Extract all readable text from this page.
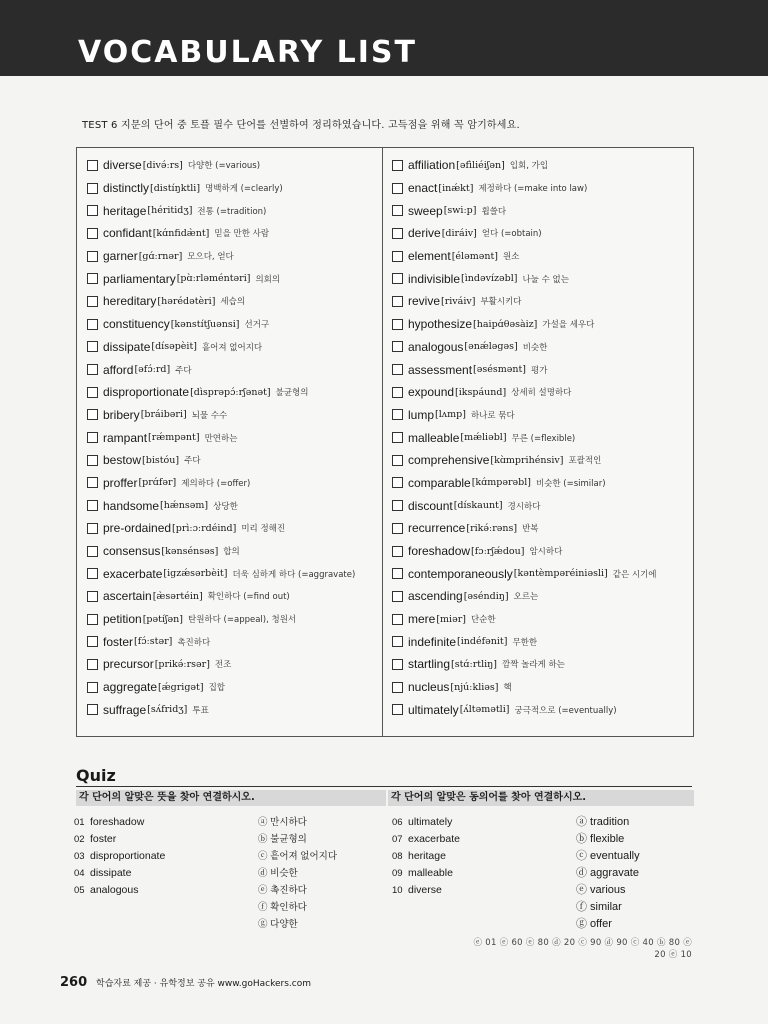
VOCABULARY LIST
TEST 6 지문의 단어 중 토플 필수 단어를 선별하여 정리하였습니다. 고득점을 위해 꼭 암기하세요.
diverse [divə́ːrs] 다양한 (=various)
distinctly [distíŋktli] 명백하게 (=clearly)
heritage [héritidʒ] 전통 (=tradition)
confidant [kɑ́nfidæ̀nt] 믿을 만한 사람
garner [gɑ́ːrnər] 모으다, 얻다
parliamentary [pɑ̀ːrləméntəri] 의회의
hereditary [hərédətèri] 세습의
constituency [kənstítʃuənsi] 선거구
dissipate [dísəpèit] 흩어져 없어지다
afford [əfɔ́ːrd] 주다
disproportionate [dìsprəpɔ́ːrʃənət] 불균형의
bribery [bráibəri] 뇌물 수수
rampant [rǽmpənt] 만연하는
bestow [bistóu] 주다
proffer [prɑ́fər] 제의하다 (=offer)
handsome [hǽnsəm] 상당한
pre-ordained [prìːɔːrdéind] 미리 정해진
consensus [kənsénsəs] 합의
exacerbate [igzǽsərbèit] 더욱 심하게 하다 (=aggravate)
ascertain [æ̀sərtéin] 확인하다 (=find out)
petition [pətíʃən] 탄원하다 (=appeal), 청원서
foster [fɔ́ːstər] 촉진하다
precursor [prikə́ːrsər] 전조
aggregate [ǽgrigət] 집합
suffrage [sʌ́fridʒ] 투표
affiliation [əfìliéiʃən] 입회, 가입
enact [inǽkt] 제정하다 (=make into law)
sweep [swiːp] 휩쓸다
derive [diráiv] 얻다 (=obtain)
element [éləmənt] 원소
indivisible [ìndəvízəbl] 나눌 수 없는
revive [riváiv] 부활시키다
hypothesize [haipɑ́θəsàiz] 가설을 세우다
analogous [ənǽləgəs] 비슷한
assessment [əsésmənt] 평가
expound [ikspáund] 상세히 설명하다
lump [lʌmp] 하나로 묶다
malleable [mǽliəbl] 무른 (=flexible)
comprehensive [kɑ̀mprihénsiv] 포괄적인
comparable [kɑ́mpərəbl] 비슷한 (=similar)
discount [dískaunt] 경시하다
recurrence [rikə́ːrəns] 반복
foreshadow [fɔːrʃǽdou] 암시하다
contemporaneously [kəntèmpəréiniəsli] 같은 시기에
ascending [əséndiŋ] 오르는
mere [miər] 단순한
indefinite [indéfənit] 무한한
startling [stɑ́ːrtliŋ] 깜짝 놀라게 하는
nucleus [njúːkliəs] 핵
ultimately [ʌ́ltəmətli] 궁극적으로 (=eventually)
Quiz
각 단어의 알맞은 뜻을 찾아 연결하시오.	각 단어의 알맞은 동의어를 찾아 연결하시오.
01 foreshadow
02 foster
03 disproportionate
04 dissipate
05 analogous
ⓐ 만시하다
ⓑ 불균형의
ⓒ 흩어져 없어지다
ⓓ 비슷한
ⓔ 촉진하다
ⓕ 확인하다
ⓖ 다양한
06 ultimately
07 exacerbate
08 heritage
09 malleable
10 diverse
ⓐ tradition
ⓑ flexible
ⓒ eventually
ⓓ aggravate
ⓔ various
ⓕ similar
ⓖ offer
ⓔ 01 ⓔ 60 ⓔ 80 ⓓ 20 ⓒ 90 ⓓ 90 ⓒ 40 ⓑ 80 ⓔ 20 ⓔ 10
260 학습자료 제공 · 유학정보 공유 www.goHackers.com
